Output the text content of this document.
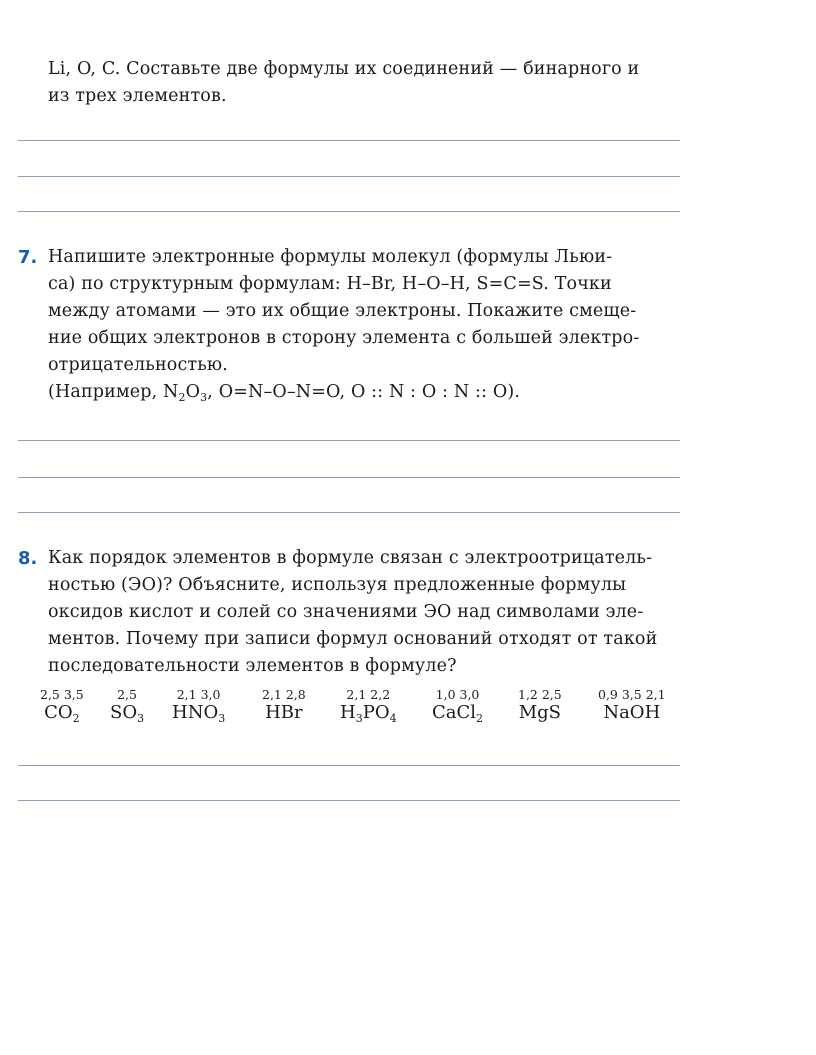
Li, O, C. Составьте две формулы их соединений — бинарного и
из трех элементов.
7. Напишите электронные формулы молекул (формулы Льюи-
са) по структурным формулам: H–Br, H–O–H, S=C=S. Точки
между атомами — это их общие электроны. Покажите смеще-
ние общих электронов в сторону элемента с большей электро-
отрицательностью.
(Например, $N_2O_3$, O=N–O–N=O, O :: N : O : N :: O).
8. Как порядок элементов в формуле связан с электроотрицатель-
ностью (ЭО)? Объясните, используя предложенные формулы
оксидов кислот и солей со значениями ЭО над символами эле-
ментов. Почему при записи формул оснований отходят от такой
последовательности элементов в формуле?
2,5 3,5
$CO_2$
2,5
$SO_3$
2,1 3,0
$HNO_3$
2,1 2,8
HBr
2,1 2,2
$H_3PO_4$
1,0 3,0
CaCl$_2$
1,2 2,5
MgS
0,9 3,5 2,1
NaOH
